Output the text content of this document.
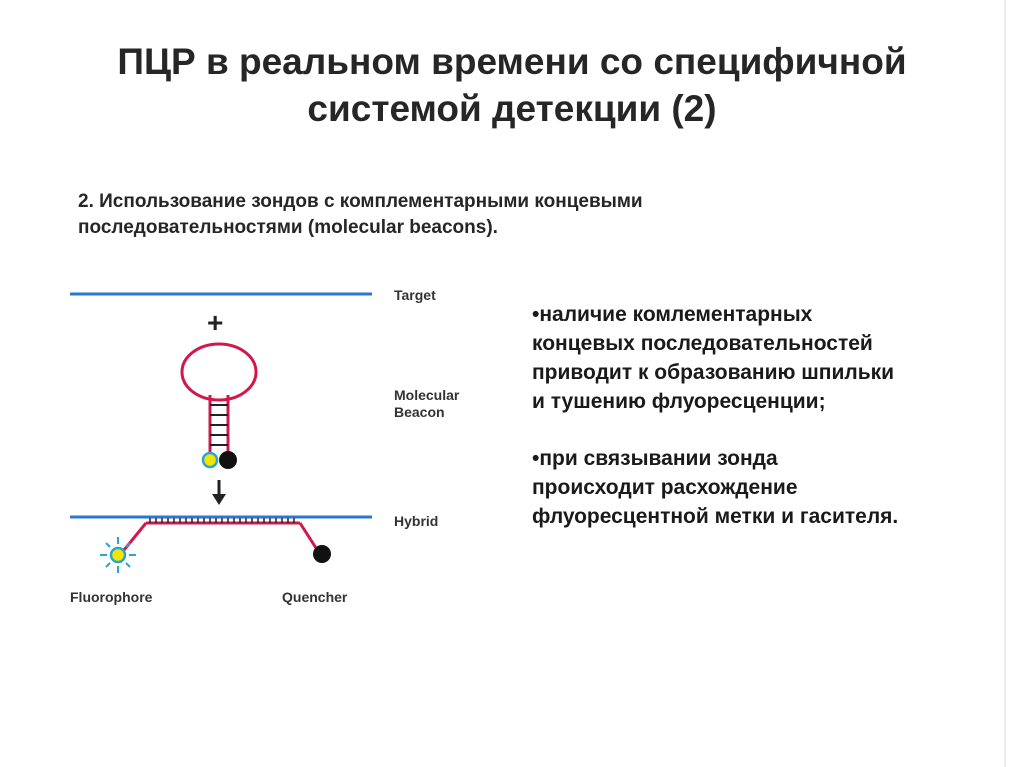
ПЦР в реальном времени со специфичной
системой детекции (2)
2. Использование зондов с комплементарными концевыми
последовательностями (molecular beacons).
Target
+
Molecular
Beacon
Hybrid
Fluorophore	Quencher
•наличие комлементарных
концевых последовательностей
приводит к образованию шпильки
и тушению флуоресценции;
•при связывании зонда
происходит расхождение
флуоресцентной метки и гасителя.
